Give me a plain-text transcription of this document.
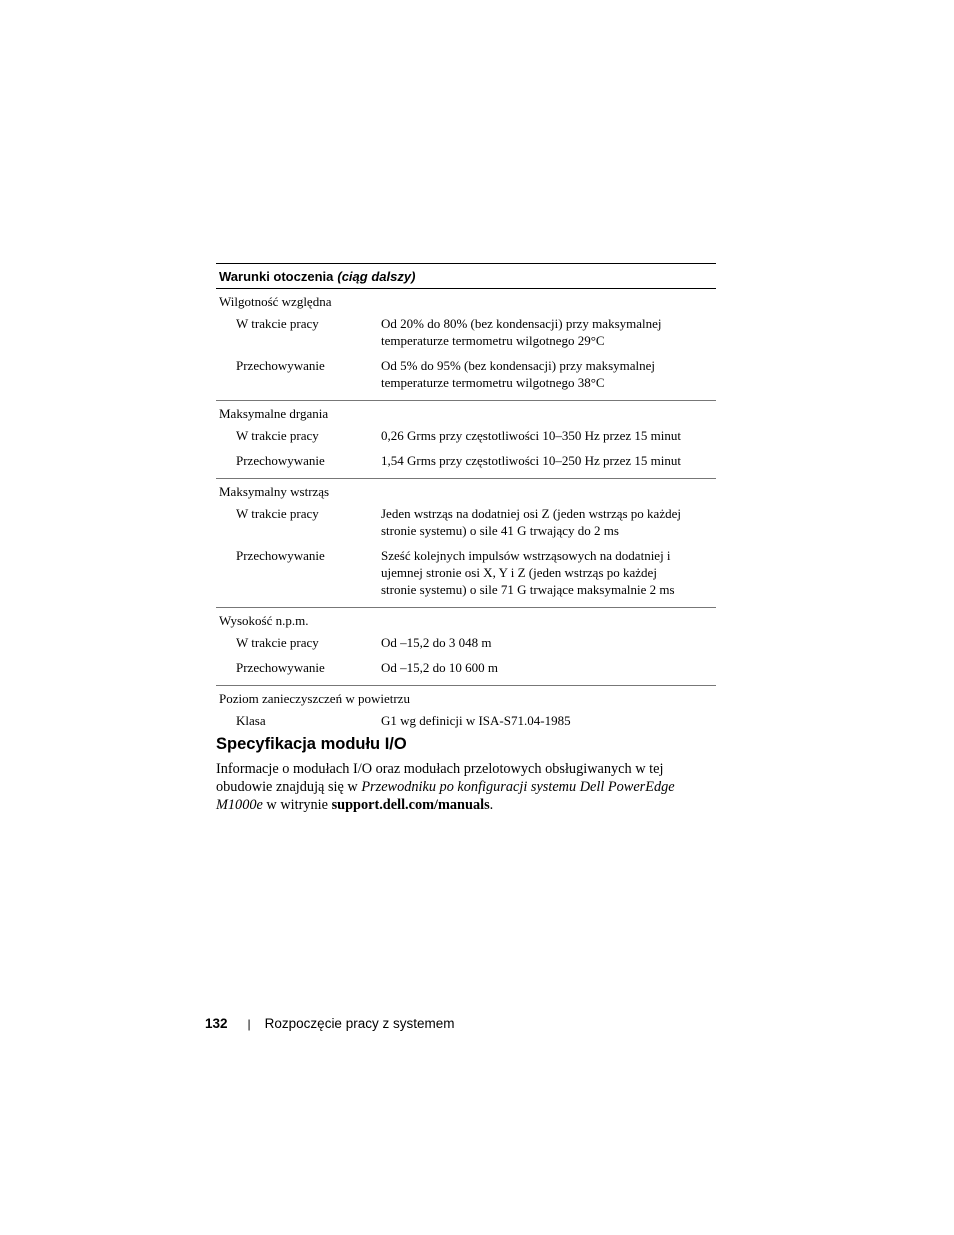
Warunki otoczenia (ciąg dalszy)
Wilgotność względna
W trakcie pracy	Od 20% do 80% (bez kondensacji) przy maksymalnej
temperaturze termometru wilgotnego 29°C
Przechowywanie	Od 5% do 95% (bez kondensacji) przy maksymalnej
temperaturze termometru wilgotnego 38°C
Maksymalne drgania
W trakcie pracy	0,26 Grms przy częstotliwości 10–350 Hz przez 15 minut
Przechowywanie	1,54 Grms przy częstotliwości 10–250 Hz przez 15 minut
Maksymalny wstrząs
W trakcie pracy	Jeden wstrząs na dodatniej osi Z (jeden wstrząs po każdej
stronie systemu) o sile 41 G trwający do 2 ms
Przechowywanie	Sześć kolejnych impulsów wstrząsowych na dodatniej i
ujemnej stronie osi X, Y i Z (jeden wstrząs po każdej
stronie systemu) o sile 71 G trwające maksymalnie 2 ms
Wysokość n.p.m.
W trakcie pracy	Od –15,2 do 3 048 m
Przechowywanie	Od –15,2 do 10 600 m
Poziom zanieczyszczeń w powietrzu
Klasa	G1 wg definicji w ISA-S71.04-1985
Specyfikacja modułu I/O
Informacje o modułach I/O oraz modułach przelotowych obsługiwanych w tej
obudowie znajdują się w Przewodniku po konfiguracji systemu Dell PowerEdge
M1000e w witrynie support.dell.com/manuals.
132 | Rozpoczęcie pracy z systemem
